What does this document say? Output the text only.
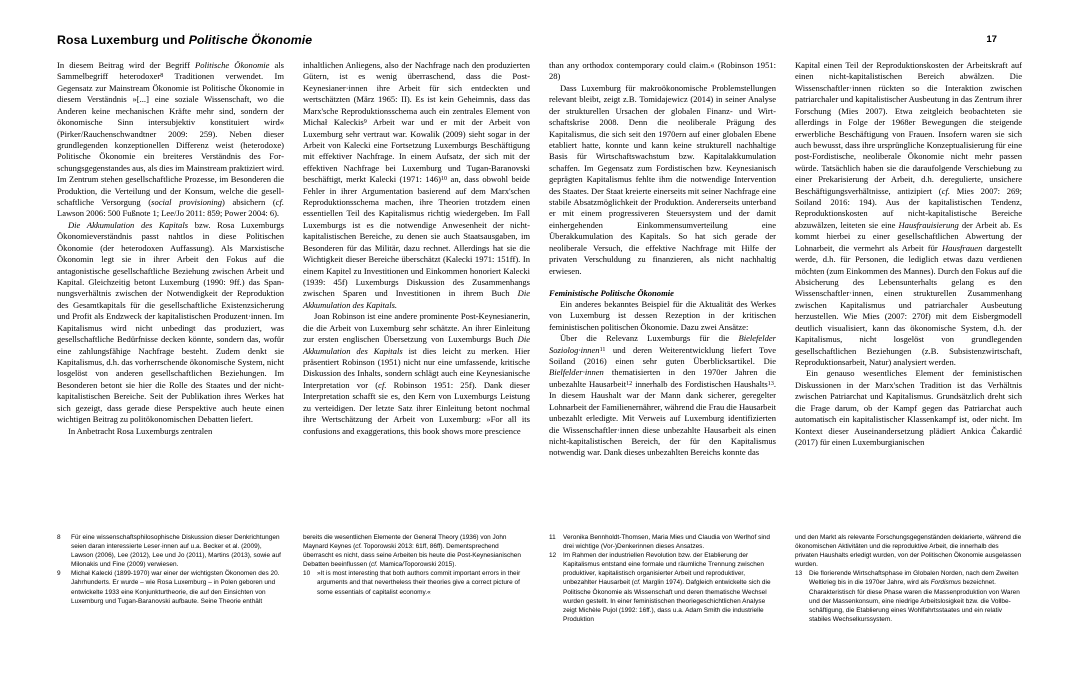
Rosa Luxemburg und Politische Ökonomie	17

In diesem Beitrag wird der Begriff Politische Ökonomie als Sammelbegriff heterodoxer$^8$ Traditionen verwendet. Im Gegensatz zur Mainstream Ökonomie ist Politische Ökonomie in diesem Verständnis »[...] eine soziale Wissenschaft, wo die Anderen keine mechanischen Kräfte mehr sind, sondern der ökonomische Sinn intersubjektiv konstituiert wird« (Pirker/Rauchenschwandtner 2009: 259). Neben dieser grundlegenden konzeptionellen Differenz weist (heterodoxe) Politische Ökonomie ein breiteres Verständnis des Forschungsgegenstandes aus, als dies im Mainstream praktiziert wird. Im Zentrum stehen gesellschaftliche Prozesse, im Besonderen die Produktion, die Verteilung und der Konsum, welche die gesellschaftliche Versorgung (social provisioning) absichern (cf. Lawson 2006: 500 Fußnote 1; Lee/Jo 2011: 859; Power 2004: 6).

Die Akkumulation des Kapitals bzw. Rosa Luxemburgs Ökonomieverständnis passt nahtlos in diese Politischen Ökonomie (der heterodoxen Auffassung). Als Marxistische Ökonomin legt sie in ihrer Arbeit den Fokus auf die antagonistische gesellschaftliche Beziehung zwischen Arbeit und Kapital. Gleichzeitig betont Luxemburg (1990: 9ff.) das Spannungsverhältnis zwischen der Notwendigkeit der Reproduktion des Gesamtkapitals für die gesellschaftliche Existenzsicherung und Profit als Endzweck der kapitalistischen Produzent·innen. Im Kapitalismus wird nicht unbedingt das produziert, was gesellschaftliche Bedürfnisse decken könnte, sondern das, wofür eine zahlungsfähige Nachfrage besteht. Zudem denkt sie Kapitalismus, d.h. das vorherrschende ökonomische System, nicht losgelöst von anderen gesellschaftlichen Beziehungen. Im Besonderen betont sie hier die Rolle des Staates und der nicht-kapitalistischen Bereiche. Seit der Publikation ihres Werkes hat sich gezeigt, dass gerade diese Perspektive auch heute einen wichtigen Beitrag zu politökonomischen Debatten liefert.

In Anbetracht Rosa Luxemburgs zentralen

inhaltlichen Anliegens, also der Nachfrage nach den produzierten Gütern, ist es wenig überraschend, dass die Post-Keynesianer·innen ihre Arbeit für sich entdeckten und wertschätzten (März 1965: II). Es ist kein Geheimnis, dass das Marx'sche Reproduktionsschema auch ein zentrales Element von Michał Kaleckis$^9$ Arbeit war und er mit der Arbeit von Luxemburg sehr vertraut war. Kowalik (2009) sieht sogar in der Arbeit von Kalecki eine Fortsetzung Luxemburgs Beschäftigung mit effektiver Nachfrage. In einem Aufsatz, der sich mit der effektiven Nachfrage bei Luxemburg und Tugan-Baranovski beschäftigt, merkt Kalecki (1971: 146)$^{10}$ an, dass obwohl beide Fehler in ihrer Argumentation basierend auf dem Marx'schen Reproduktionsschema machen, ihre Theorien trotzdem einen essentiellen Teil des Kapitalismus richtig wiedergeben. Im Fall Luxemburgs ist es die notwendige Anwesenheit der nicht-kapitalistischen Bereiche, zu denen sie auch Staatsausgaben, im Besonderen für das Militär, dazu rechnet. Allerdings hat sie die Wichtigkeit dieser Bereiche überschätzt (Kalecki 1971: 151ff). In einem Kapitel zu Investitionen und Einkommen honoriert Kalecki (1939: 45f) Luxemburgs Diskussion des Zusammenhangs zwischen Sparen und Investitionen in ihrem Buch Die Akkumulation des Kapitals.

Joan Robinson ist eine andere prominente Post-Keynesianerin, die die Arbeit von Luxemburg sehr schätzte. An ihrer Einleitung zur ersten englischen Übersetzung von Luxemburgs Buch Die Akkumulation des Kapitals ist dies leicht zu merken. Hier präsentiert Robinson (1951) nicht nur eine umfassende, kritische Diskussion des Inhalts, sondern schlägt auch eine Keynesianische Interpretation vor (cf. Robinson 1951: 25f). Dank dieser Interpretation schafft sie es, den Kern von Luxemburgs Leistung zu verteidigen. Der letzte Satz ihrer Einleitung betont nochmal ihre Wertschätzung der Arbeit von Luxemburg: »For all its confusions and exaggerations, this book shows more prescience

than any orthodox contemporary could claim.« (Robinson 1951: 28)

Dass Luxemburg für makroökonomische Problemstellungen relevant bleibt, zeigt z.B. Tomidajewicz (2014) in seiner Analyse der strukturellen Ursachen der globalen Finanz- und Wirtschaftskrise 2008. Denn die neoliberale Prägung des Kapitalismus, die sich seit den 1970ern auf einer globalen Ebene etabliert hatte, konnte und kann keine strukturell nachhaltige Basis für Wirtschaftswachstum bzw. Kapitalakkumulation schaffen. Im Gegensatz zum Fordistischen bzw. Keynesianisch geprägten Kapitalismus fehlte ihm die notwendige Intervention des Staates. Der Staat kreierte einerseits mit seiner Nachfrage eine stabile Absatzmöglichkeit der Produktion. Andererseits unterband er mit einem progressiveren Steuersystem und der damit einhergehenden Einkommensumverteilung eine Überakkumulation des Kapitals. So hat sich gerade der neoliberale Versuch, die effektive Nachfrage mit Hilfe der privaten Verschuldung zu finanzieren, als nicht nachhaltig erwiesen.

Feministische Politische Ökonomie

Ein anderes bekanntes Beispiel für die Aktualität des Werkes von Luxemburg ist dessen Rezeption in der kritischen feministischen politischen Ökonomie. Dazu zwei Ansätze:

Über die Relevanz Luxemburgs für die Bielefelder Soziolog·innen$^{11}$ und deren Weiterentwicklung liefert Tove Soiland (2016) einen sehr guten Überblicksartikel. Die Bielfelder·innen thematisierten in den 1970er Jahren die unbezahlte Hausarbeit$^{12}$ innerhalb des Fordistischen Haushalts$^{13}$. In diesem Haushalt war der Mann dank sicherer, geregelter Lohnarbeit der Familienernährer, während die Frau die Hausarbeit unbezahlt erledigte. Mit Verweis auf Luxemburg identifizierten die Wissenschaftler·innen diese unbezahlte Hausarbeit als einen nicht-kapitalistischen Bereich, der für den Kapitalismus notwendig war. Dank dieses unbezahlten Bereichs konnte das

Kapital einen Teil der Reproduktionskosten der Arbeitskraft auf einen nicht-kapitalistischen Bereich abwälzen. Die Wissenschaftler·innen rückten so die Interaktion zwischen patriarchaler und kapitalistischer Ausbeutung in das Zentrum ihrer Forschung (Mies 2007). Etwa zeitgleich beobachteten sie allerdings in Folge der 1968er Bewegungen die steigende erwerbliche Beschäftigung von Frauen. Insofern waren sie sich auch bewusst, dass ihre ursprüngliche Konzeptualisierung für eine post-Fordistische, neoliberale Ökonomie nicht mehr passen würde. Tatsächlich haben sie die daraufolgende Verschiebung zu einer Prekarisierung der Arbeit, d.h. deregulierte, unsichere Beschäftigungsverhältnisse, antizipiert (cf. Mies 2007: 269; Soiland 2016: 194). Aus der kapitalistischen Tendenz, Reproduktionskosten auf nicht-kapitalistische Bereiche abzuwälzen, leiteten sie eine Hausfrauisierung der Arbeit ab. Es kommt hierbei zu einer gesellschaftlichen Abwertung der Lohnarbeit, die vermehrt als Arbeit für Hausfrauen dargestellt werde, d.h. für Personen, die lediglich etwas dazu verdienen möchten (zum Einkommen des Mannes). Durch den Fokus auf die Absicherung des Lebensunterhalts gelang es den Wissenschaftler·innen, einen strukturellen Zusammenhang zwischen Kapitalismus und patriarchaler Ausbeutung herzustellen. Wie Mies (2007: 270f) mit dem Eisbergmodell deutlich visualisiert, kann das ökonomische System, d.h. der Kapitalismus, nicht losgelöst von grundlegenden gesellschaftlichen Beziehungen (z.B. Subsistenzwirtschaft, Reproduktionsarbeit, Natur) analysiert werden.

Ein genauso wesentliches Element der feministischen Diskussionen in der Marx'schen Tradition ist das Verhältnis zwischen Patriarchat und Kapitalismus. Grundsätzlich dreht sich die Frage darum, ob der Kampf gegen das Patriarchat auch automatisch ein kapitalistischer Klassenkampf ist, oder nicht. Im Kontext dieser Auseinandersetzung plädiert Ankica Čakardić (2017) für einen Luxemburgianischen

8	Für eine wissenschaftsphilosophische Diskussion dieser Denkrichtungen seien daran interessierte Leser·innen auf u.a. Becker et al. (2009), Lawson (2006), Lee (2012), Lee und Jo (2011), Martins (2013), sowie auf Milonakis und Fine (2009) verwiesen.
9	Michał Kalecki (1899-1970) war einer der wichtigsten Ökonomen des 20. Jahrhunderts. Er wurde – wie Rosa Luxemburg – in Polen geboren und entwickelte 1933 eine Konjunkturtheorie, die auf den Einsichten von Luxemburg und Tugan-Baranovski aufbaute. Seine Theorie enthält
bereits die wesentlichen Elemente der General Theory (1936) von John Maynard Keynes (cf. Toporowski 2013: 61ff, 86ff). Dementsprechend überrascht es nicht, dass seine Arbeiten bis heute die Post-Keynesianischen Debatten beeinflussen (cf. Mamica/Toporowski 2015).
10	»It is most interesting that both authors commit important errors in their arguments and that nevertheless their theories give a correct picture of some essentials of capitalist economy.«
11	Veronika Bennholdt-Thomsen, Maria Mies und Claudia von Werlhof sind drei wichtige (Vor-)Denkerinnen dieses Ansatzes.
12	Im Rahmen der industriellen Revolution bzw. der Etablierung der Kapitalismus entstand eine formale und räumliche Trennung zwischen produktiver, kapitalistisch organisierter Arbeit und reproduktiver, unbezahlter Hausarbeit (cf. Marglin 1974). Dafgleich entwickelte sich die Politische Ökonomie als Wissenschaft und deren thematische Wechsel wurden gestellt. In einer feministischen theoriegeschichtlichen Analyse zeigt Michèle Pujol (1992: 16ff.), dass u.a. Adam Smith die industrielle Produktion
und den Markt als relevante Forschungsgegenständen deklarierte, während die ökonomischen Aktivitäten und die reproduktive Arbeit, die innerhalb des privaten Haushalts erledigt wurden, von der Politischen Ökonomie ausgelassen wurden.
13	Die florierende Wirtschaftsphase im Globalen Norden, nach dem Zweiten Weltkrieg bis in die 1970er Jahre, wird als Fordismus bezeichnet. Charakteristisch für diese Phase waren die Massenproduktion von Waren und der Massenkonsum, eine niedrige Arbeitslosigkeit bzw. die Vollbeschäftigung, die Etablierung eines Wohlfahrtsstaates und ein relativ stabiles Wechselkurssystem.
